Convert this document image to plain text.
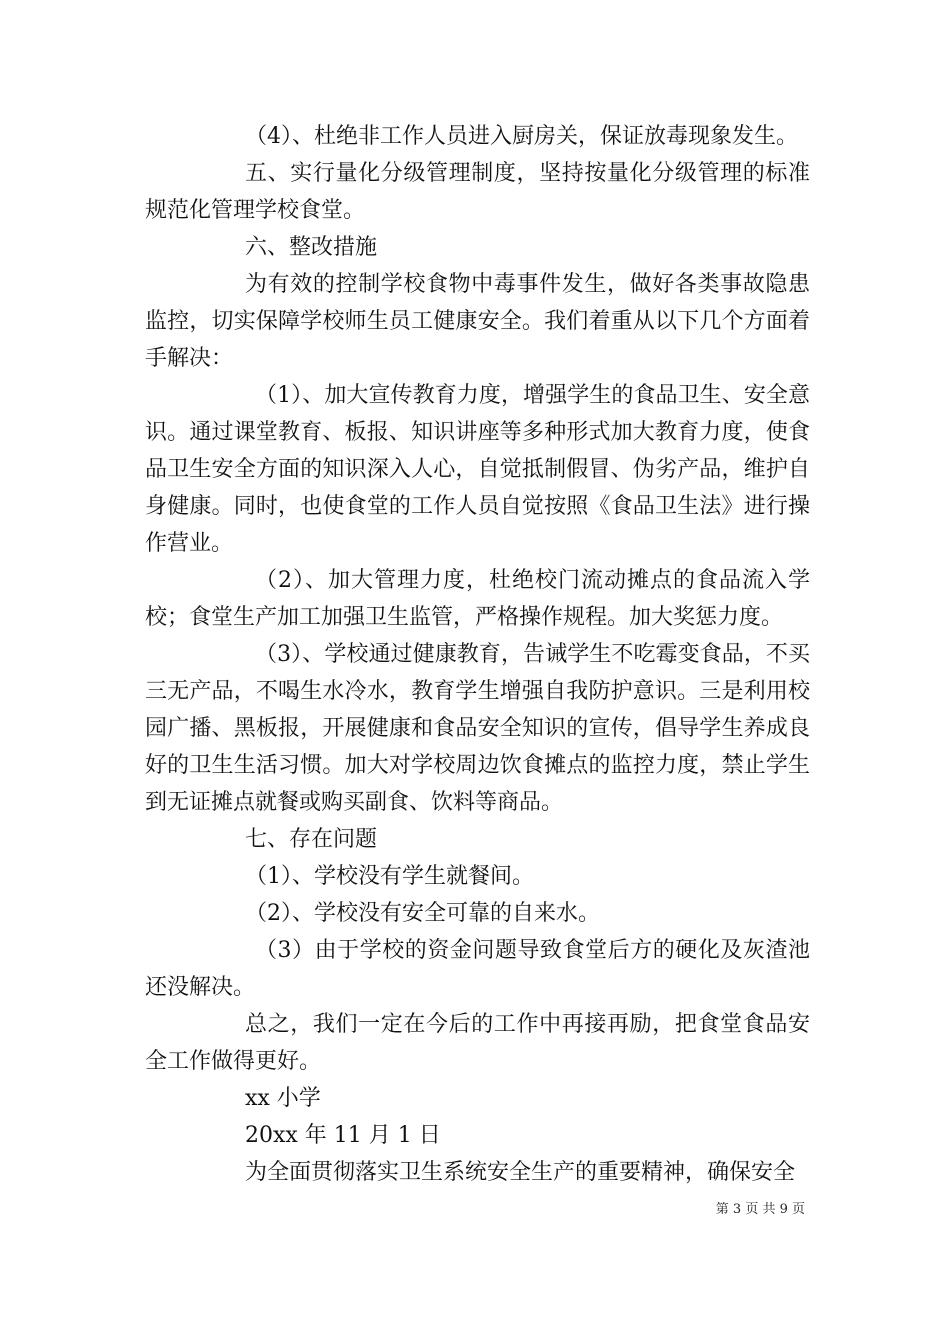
（4）、杜绝非工作人员进入厨房关，保证放毒现象发生。

五、实行量化分级管理制度，坚持按量化分级管理的标准规范化管理学校食堂。

六、整改措施

为有效的控制学校食物中毒事件发生，做好各类事故隐患监控，切实保障学校师生员工健康安全。我们着重从以下几个方面着手解决：

（1）、加大宣传教育力度，增强学生的食品卫生、安全意识。通过课堂教育、板报、知识讲座等多种形式加大教育力度，使食品卫生安全方面的知识深入人心，自觉抵制假冒、伪劣产品，维护自身健康。同时，也使食堂的工作人员自觉按照《食品卫生法》进行操作营业。

（2）、加大管理力度，杜绝校门流动摊点的食品流入学校；食堂生产加工加强卫生监管，严格操作规程。加大奖惩力度。

（3）、学校通过健康教育，告诫学生不吃霉变食品，不买三无产品，不喝生水冷水，教育学生增强自我防护意识。三是利用校园广播、黑板报，开展健康和食品安全知识的宣传，倡导学生养成良好的卫生生活习惯。加大对学校周边饮食摊点的监控力度，禁止学生到无证摊点就餐或购买副食、饮料等商品。

七、存在问题

（1）、学校没有学生就餐间。

（2）、学校没有安全可靠的自来水。

（3）由于学校的资金问题导致食堂后方的硬化及灰渣池还没解决。

总之，我们一定在今后的工作中再接再励，把食堂食品安全工作做得更好。

xx 小学

20xx 年 11 月 1 日

为全面贯彻落实卫生系统安全生产的重要精神，确保安全

第 3 页 共 9 页
